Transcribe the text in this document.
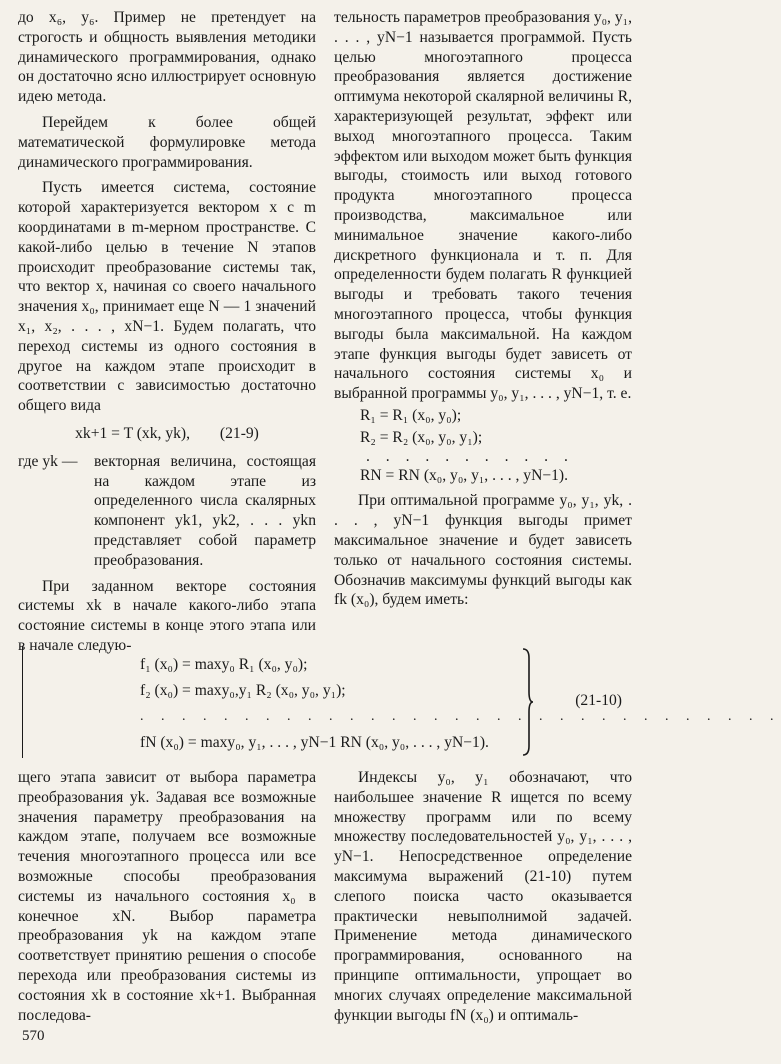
до x₆, y₆. Пример не претендует на строгость и общность выявления методики динамического программирования, однако он достаточно ясно иллюстрирует основную идею метода.

Перейдем к более общей математической формулировке метода динамического программирования.

Пусть имеется система, состояние которой характеризуется вектором x с m координатами в m-мерном пространстве. С какой-либо целью в течение N этапов происходит преобразование системы так, что вектор x, начиная со своего начального значения x₀, принимает еще N — 1 значений x₁, x₂, . . . , xN−1. Будем полагать, что переход системы из одного состояния в другое на каждом этапе происходит в соответствии с зависимостью достаточно общего вида

xk+1 = T (xk, yk), (21-9)

где yk —	векторная величина, состоящая на каждом этапе из определенного числа скалярных компонент yk1, yk2, . . . ykn представляет собой параметр преобразования.

При заданном векторе состояния системы xk в начале какого-либо этапа состояние системы в конце этого этапа или в начале следую-

тельность параметров преобразования y₀, y₁, . . . , yN−1 называется программой. Пусть целью многоэтапного процесса преобразования является достижение оптимума некоторой скалярной величины R, характеризующей результат, эффект или выход многоэтапного процесса. Таким эффектом или выходом может быть функция выгоды, стоимость или выход готового продукта многоэтапного процесса производства, максимальное или минимальное значение какого-либо дискретного функционала и т. п. Для определенности будем полагать R функцией выгоды и требовать такого течения многоэтапного процесса, чтобы функция выгоды была максимальной. На каждом этапе функция выгоды будет зависеть от начального состояния системы x₀ и выбранной программы y₀, y₁, . . . , yN−1, т. е.

R₁ = R₁ (x₀, y₀);

R₂ = R₂ (x₀, y₀, y₁);

. . . . . . . . . . .

RN = RN (x₀, y₀, y₁, . . . , yN−1).

При оптимальной программе y₀, y₁, yk, . . . , yN−1 функция выгоды примет максимальное значение и будет зависеть только от начального состояния системы. Обозначив максимумы функций выгоды как fk (x₀), будем иметь:

f₁ (x₀) = maxy₀ R₁ (x₀, y₀);
f₂ (x₀) = maxy₀,y₁ R₂ (x₀, y₀, y₁);
. . . . . . . . . . . . . . . . . . . . . . . . . . . . . . .
fN (x₀) = maxy₀, y₁, . . . , yN−1 RN (x₀, y₀, . . . , yN−1).
(21-10)

щего этапа зависит от выбора параметра преобразования yk. Задавая все возможные значения параметру преобразования на каждом этапе, получаем все возможные течения многоэтапного процесса или все возможные способы преобразования системы из начального состояния x₀ в конечное xN. Выбор параметра преобразования yk на каждом этапе соответствует принятию решения о способе перехода или преобразования системы из состояния xk в состояние xk+1. Выбранная последова-

Индексы y₀, y₁ обозначают, что наибольшее значение R ищется по всему множеству программ или по всему множеству последовательностей y₀, y₁, . . . , yN−1. Непосредственное определение максимума выражений (21-10) путем слепого поиска часто оказывается практически невыполнимой задачей. Применение метода динамического программирования, основанного на принципе оптимальности, упрощает во многих случаях определение максимальной функции выгоды fN (x₀) и оптималь-

570
